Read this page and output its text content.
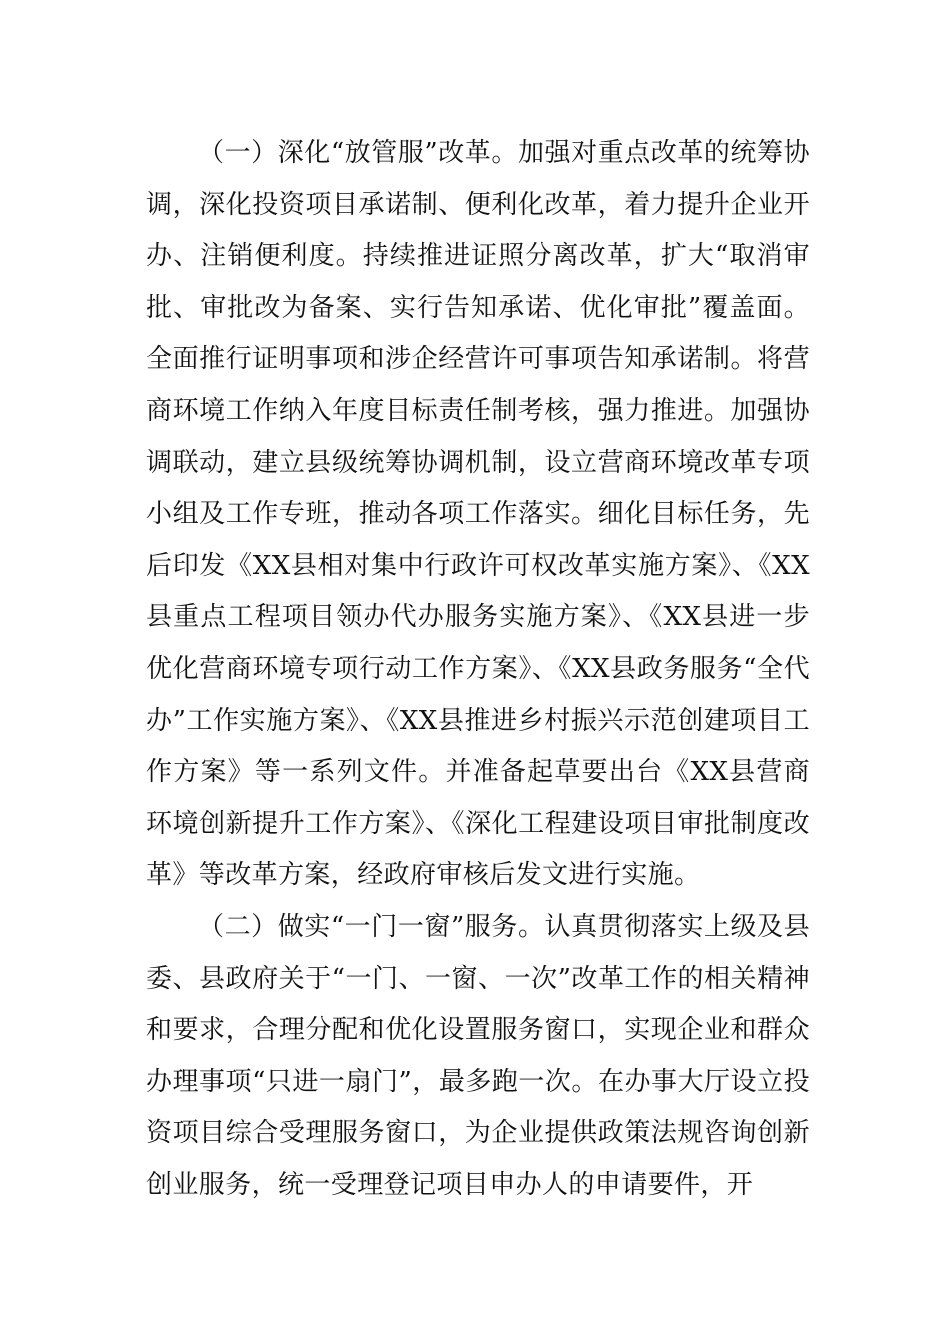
（一）深化“放管服”改革。加强对重点改革的统筹协调，深化投资项目承诺制、便利化改革，着力提升企业开办、注销便利度。持续推进证照分离改革，扩大“取消审批、审批改为备案、实行告知承诺、优化审批”覆盖面。全面推行证明事项和涉企经营许可事项告知承诺制。将营商环境工作纳入年度目标责任制考核，强力推进。加强协调联动，建立县级统筹协调机制，设立营商环境改革专项小组及工作专班，推动各项工作落实。细化目标任务，先后印发《XX县相对集中行政许可权改革实施方案》、《XX县重点工程项目领办代办服务实施方案》、《XX县进一步优化营商环境专项行动工作方案》、《XX县政务服务“全代办”工作实施方案》、《XX县推进乡村振兴示范创建项目工作方案》等一系列文件。并准备起草要出台《XX县营商环境创新提升工作方案》、《深化工程建设项目审批制度改革》等改革方案，经政府审核后发文进行实施。

（二）做实“一门一窗”服务。认真贯彻落实上级及县委、县政府关于“一门、一窗、一次”改革工作的相关精神和要求，合理分配和优化设置服务窗口，实现企业和群众办理事项“只进一扇门”，最多跑一次。在办事大厅设立投资项目综合受理服务窗口，为企业提供政策法规咨询创新创业服务，统一受理登记项目申办人的申请要件，开
